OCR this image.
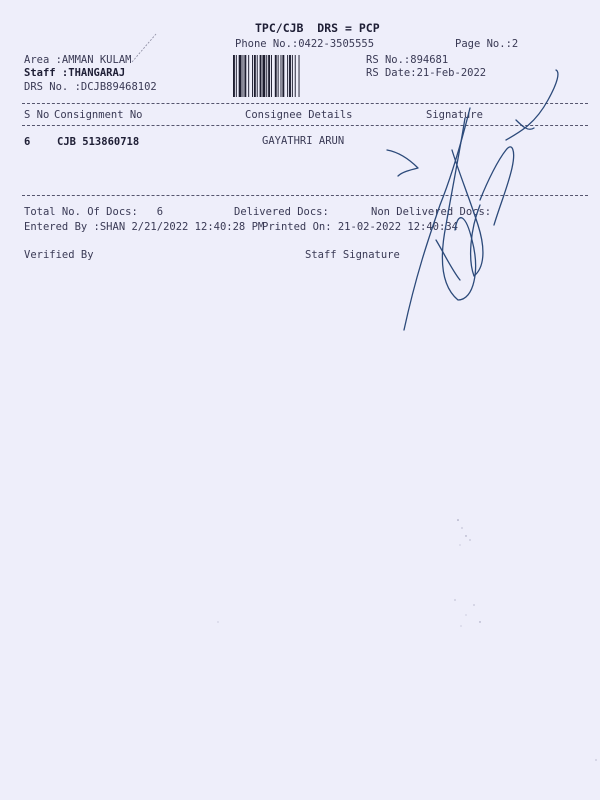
TPC/CJB  DRS = PCP
Phone No.:0422-3505555	Page No.:2
Area :AMMAN KULAM
Staff :THANGARAJ
DRS No. :DCJB89468102
RS No.:894681
RS Date:21-Feb-2022
S No Consignment No	Consignee Details	Signature
6	CJB 513860718	GAYATHRI ARUN
Total No. Of Docs:   6	Delivered Docs:	Non Delivered Docs:
Entered By :SHAN 2/21/2022 12:40:28 PM
Printed On: 21-02-2022 12:40:34
Verified By	Staff Signature
